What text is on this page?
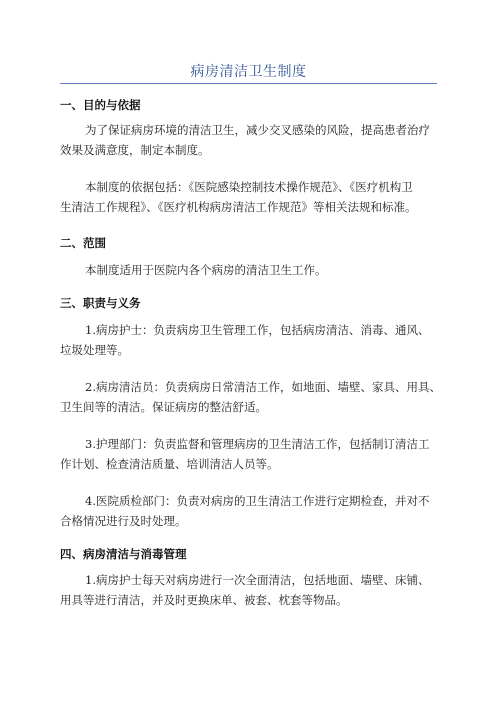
病房清洁卫生制度
一、目的与依据
为了保证病房环境的清洁卫生，减少交叉感染的风险，提高患者治疗
效果及满意度，制定本制度。
本制度的依据包括：《医院感染控制技术操作规范》、《医疗机构卫
生清洁工作规程》、《医疗机构病房清洁工作规范》等相关法规和标准。
二、范围
本制度适用于医院内各个病房的清洁卫生工作。
三、职责与义务
1.病房护士：负责病房卫生管理工作，包括病房清洁、消毒、通风、
垃圾处理等。
2.病房清洁员：负责病房日常清洁工作，如地面、墙壁、家具、用具、
卫生间等的清洁。保证病房的整洁舒适。
3.护理部门：负责监督和管理病房的卫生清洁工作，包括制订清洁工
作计划、检查清洁质量、培训清洁人员等。
4.医院质检部门：负责对病房的卫生清洁工作进行定期检查，并对不
合格情况进行及时处理。
四、病房清洁与消毒管理
1.病房护士每天对病房进行一次全面清洁，包括地面、墙壁、床铺、
用具等进行清洁，并及时更换床单、被套、枕套等物品。
